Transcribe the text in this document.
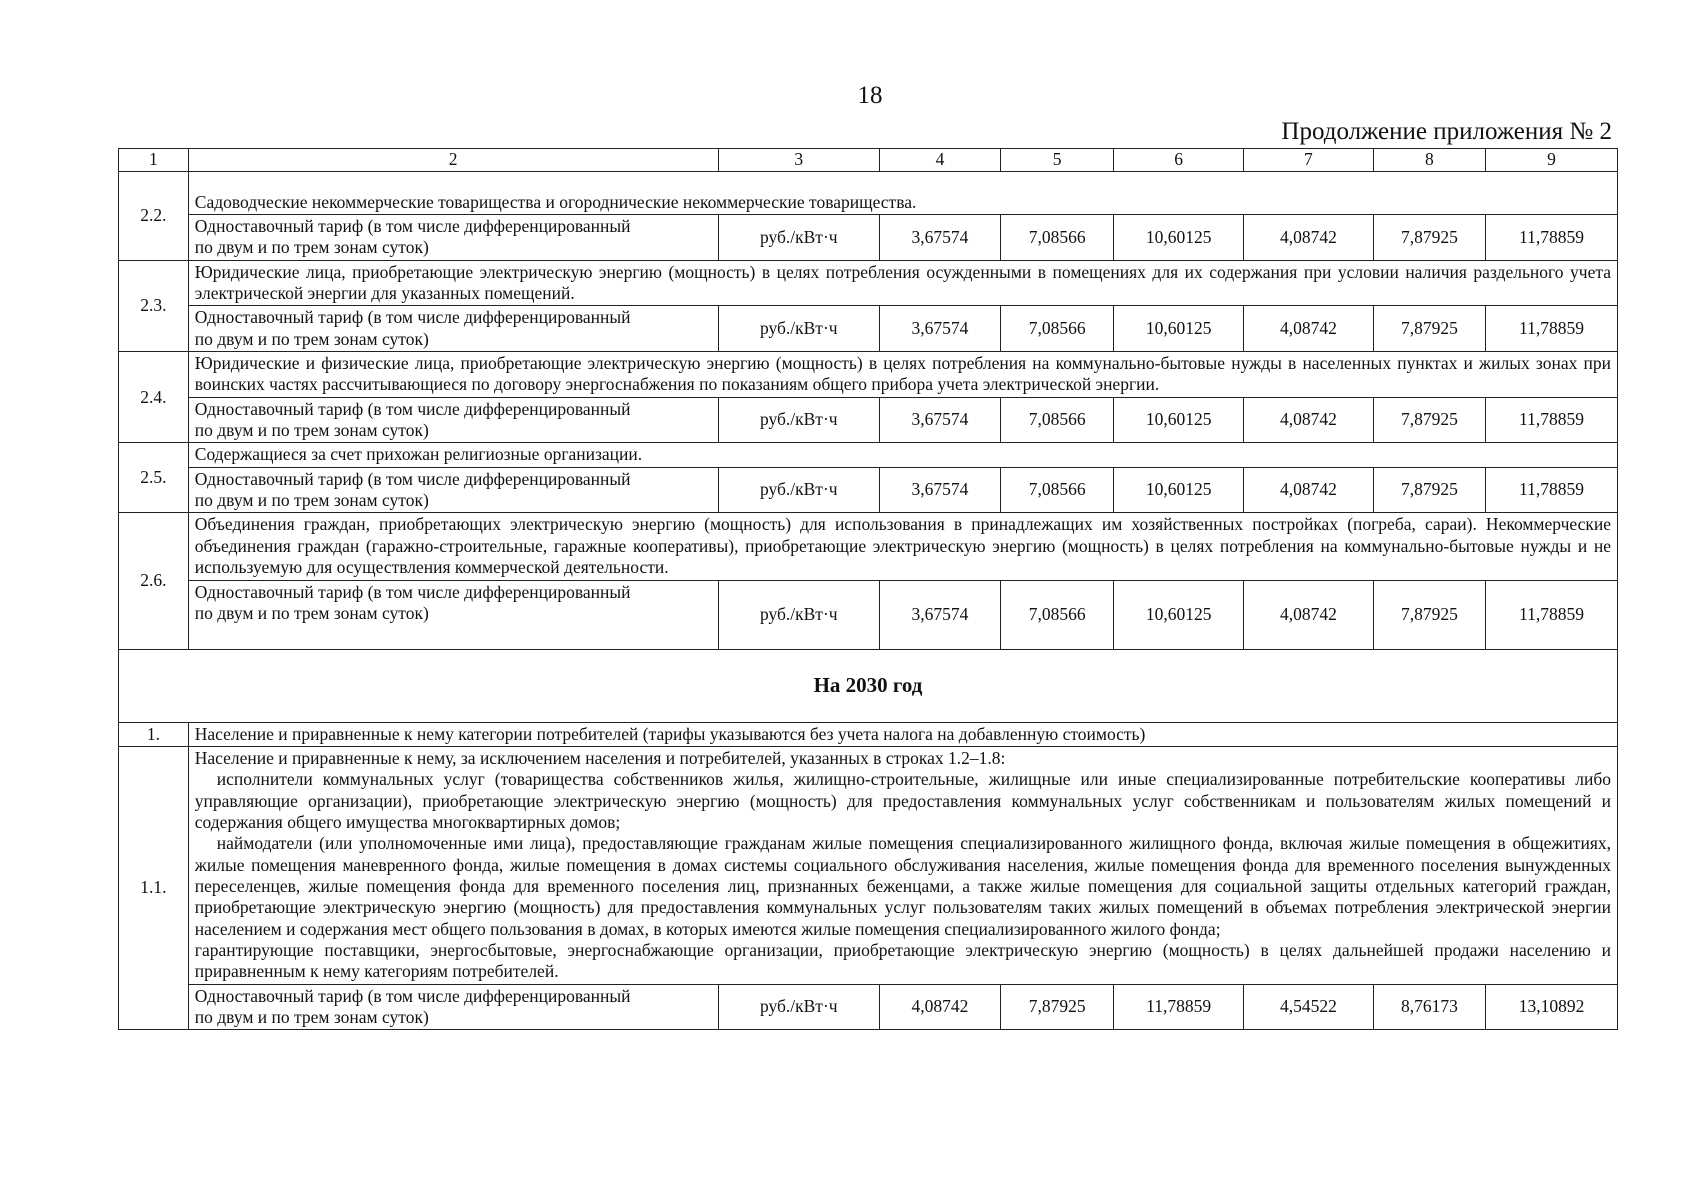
18
Продолжение приложения № 2
1	2	3	4	5	6	7	8	9
2.2.	Садоводческие некоммерческие товарищества и огороднические некоммерческие товарищества.							
	Одноставочный тариф (в том числе дифференцированный
по двум и по трем зонам суток)	руб./кВт·ч	3,67574	7,08566	10,60125	4,08742	7,87925	11,78859
2.3.	Юридические лица, приобретающие электрическую энергию (мощность) в целях потребления осужденными в помещениях для их содержания при условии наличия раздельного учета электрической энергии для указанных помещений.							
	Одноставочный тариф (в том числе дифференцированный
по двум и по трем зонам суток)	руб./кВт·ч	3,67574	7,08566	10,60125	4,08742	7,87925	11,78859
2.4.	Юридические и физические лица, приобретающие электрическую энергию (мощность) в целях потребления на коммунально-бытовые нужды в населенных пунктах и жилых зонах при воинских частях рассчитывающиеся по договору энергоснабжения по показаниям общего прибора учета электрической энергии.							
	Одноставочный тариф (в том числе дифференцированный
по двум и по трем зонам суток)	руб./кВт·ч	3,67574	7,08566	10,60125	4,08742	7,87925	11,78859
2.5.	Содержащиеся за счет прихожан религиозные организации.							
	Одноставочный тариф (в том числе дифференцированный
по двум и по трем зонам суток)	руб./кВт·ч	3,67574	7,08566	10,60125	4,08742	7,87925	11,78859
2.6.	Объединения граждан, приобретающих электрическую энергию (мощность) для использования в принадлежащих им хозяйственных постройках (погреба, сараи). Некоммерческие объединения граждан (гаражно-строительные, гаражные кооперативы), приобретающие электрическую энергию (мощность) в целях потребления на коммунально-бытовые нужды и не используемую для осуществления коммерческой деятельности.							
	Одноставочный тариф (в том числе дифференцированный
по двум и по трем зонам суток)	руб./кВт·ч	3,67574	7,08566	10,60125	4,08742	7,87925	11,78859
На 2030 год								
1.	Население и приравненные к нему категории потребителей (тарифы указываются без учета налога на добавленную стоимость)							
1.1.	Население и приравненные к нему, за исключением населения и потребителей, указанных в строках 1.2–1.8:
исполнители коммунальных услуг (товарищества собственников жилья, жилищно-строительные, жилищные или иные специализированные потребительские кооперативы либо управляющие организации), приобретающие электрическую энергию (мощность) для предоставления коммунальных услуг собственникам и пользователям жилых помещений и содержания общего имущества многоквартирных домов;
наймодатели (или уполномоченные ими лица), предоставляющие гражданам жилые помещения специализированного жилищного фонда, включая жилые помещения в общежитиях, жилые помещения маневренного фонда, жилые помещения в домах системы социального обслуживания населения, жилые помещения фонда для временного поселения вынужденных переселенцев, жилые помещения фонда для временного поселения лиц, признанных беженцами, а также жилые помещения для социальной защиты отдельных категорий граждан, приобретающие электрическую энергию (мощность) для предоставления коммунальных услуг пользователям таких жилых помещений в объемах потребления электрической энергии населением и содержания мест общего пользования в домах, в которых имеются жилые помещения специализированного жилого фонда;
гарантирующие поставщики, энергосбытовые, энергоснабжающие организации, приобретающие электрическую энергию (мощность) в целях дальнейшей продажи населению и приравненным к нему категориям потребителей.							

	Одноставочный тариф (в том числе дифференцированный
по двум и по трем зонам суток)	руб./кВт·ч	4,08742	7,87925	11,78859	4,54522	8,76173	13,10892
